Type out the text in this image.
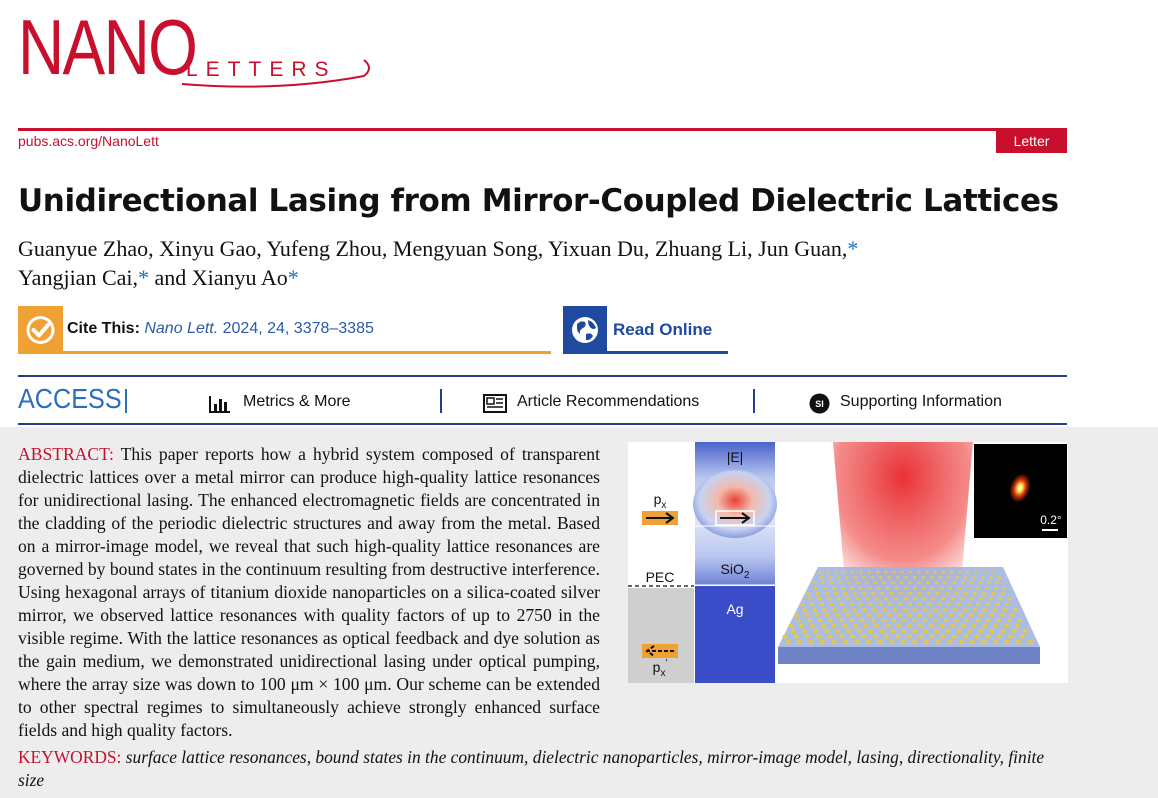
NANO
LETTERS
pubs.acs.org/NanoLett	Letter
Unidirectional Lasing from Mirror-Coupled Dielectric Lattices
Guanyue Zhao, Xinyu Gao, Yufeng Zhou, Mengyuan Song, Yixuan Du, Zhuang Li, Jun Guan,*
Yangjian Cai,* and Xianyu Ao*
Cite This: Nano Lett. 2024, 24, 3378–3385	Read Online
ACCESS	Metrics & More	Article Recommendations	SI Supporting Information
ABSTRACT: This paper reports how a hybrid system composed of transparent dielectric lattices over a metal mirror can produce high-quality lattice resonances for unidirectional lasing. The enhanced electromagnetic fields are concentrated in the cladding of the periodic dielectric structures and away from the metal. Based on a mirror-image model, we reveal that such high-quality lattice resonances are governed by bound states in the continuum resulting from destructive interference. Using hexagonal arrays of titanium dioxide nanoparticles on a silica-coated silver mirror, we observed lattice resonances with quality factors of up to 2750 in the visible regime. With the lattice resonances as optical feedback and dye solution as the gain medium, we demonstrated unidirectional lasing under optical pumping, where the array size was down to 100 μm × 100 μm. Our scheme can be extended to other spectral regimes to simultaneously achieve strongly enhanced surface fields and high quality factors.
$p_x$
PEC
$p_x'$
|E|
SiO$_2$
Ag
0.2°
KEYWORDS: surface lattice resonances, bound states in the continuum, dielectric nanoparticles, mirror-image model, lasing, directionality, finite size
